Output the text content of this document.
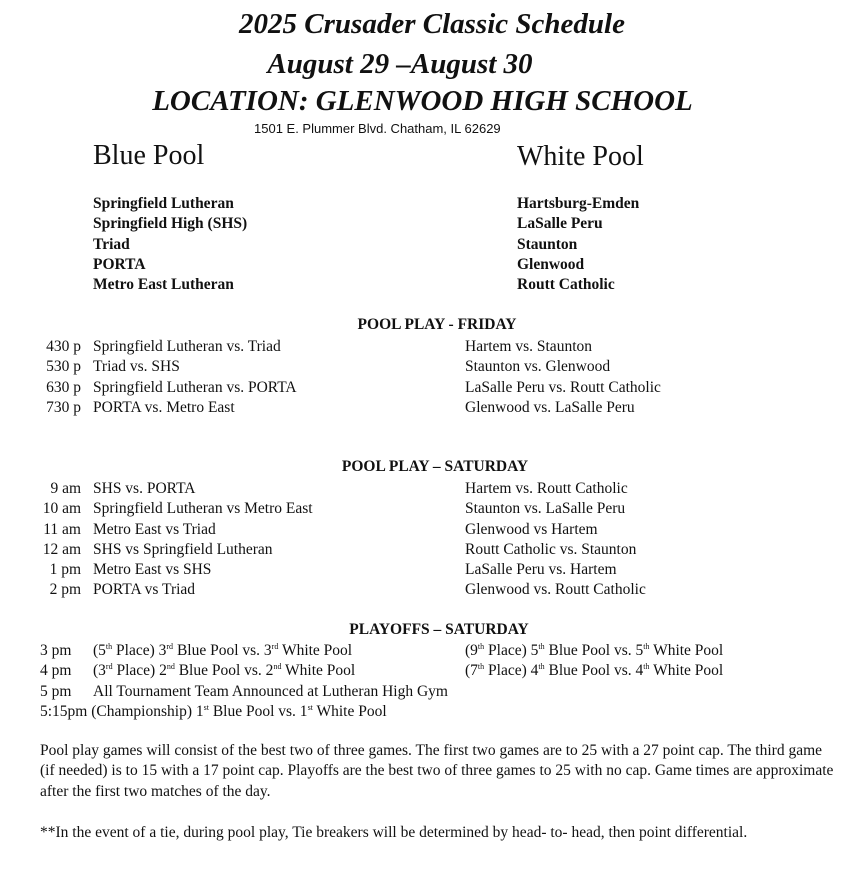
2025 Crusader Classic Schedule
August 29 –August 30
LOCATION: GLENWOOD HIGH SCHOOL
1501 E. Plummer Blvd. Chatham, IL 62629
Blue Pool	White Pool
Springfield Lutheran
Springfield High (SHS)
Triad
PORTA
Metro East Lutheran
Hartsburg-Emden
LaSalle Peru
Staunton
Glenwood
Routt Catholic
POOL PLAY - FRIDAY
430 p Springfield Lutheran vs. Triad	Hartem vs. Staunton
530 p Triad vs. SHS	Staunton vs. Glenwood
630 p Springfield Lutheran vs. PORTA	LaSalle Peru vs. Routt Catholic
730 p PORTA vs. Metro East	Glenwood vs. LaSalle Peru
POOL PLAY – SATURDAY
9 am SHS vs. PORTA	Hartem vs. Routt Catholic
10 am Springfield Lutheran vs Metro East	Staunton vs. LaSalle Peru
11 am Metro East vs Triad	Glenwood vs Hartem
12 am SHS vs Springfield Lutheran	Routt Catholic vs. Staunton
1 pm Metro East vs SHS	LaSalle Peru vs. Hartem
2 pm PORTA vs Triad	Glenwood vs. Routt Catholic
PLAYOFFS – SATURDAY
3 pm (5th Place) 3rd Blue Pool vs. 3rd White Pool	(9th Place) 5th Blue Pool vs. 5th White Pool
4 pm (3rd Place) 2nd Blue Pool vs. 2nd White Pool	(7th Place) 4th Blue Pool vs. 4th White Pool
5 pm All Tournament Team Announced at Lutheran High Gym
5:15pm (Championship) 1st Blue Pool vs. 1st White Pool
Pool play games will consist of the best two of three games. The first two games are to 25 with a 27 point cap. The third game (if needed) is to 15 with a 17 point cap. Playoffs are the best two of three games to 25 with no cap. Game times are approximate after the first two matches of the day.
**In the event of a tie, during pool play, Tie breakers will be determined by head- to- head, then point differential.
